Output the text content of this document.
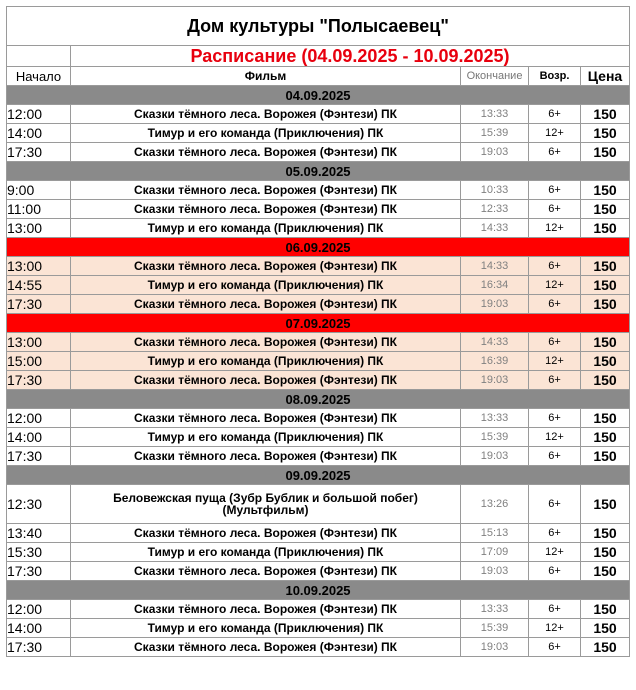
Дом культуры "Полысаевец"				
	Расписание (04.09.2025 - 10.09.2025)			
Начало	Фильм	Окончание	Возр.	Цена
04.09.2025				
12:00	Сказки тёмного леса. Ворожея (Фэнтези) ПК	13:33	6+	150
14:00	Тимур и его команда (Приключения) ПК	15:39	12+	150
17:30	Сказки тёмного леса. Ворожея (Фэнтези) ПК	19:03	6+	150
05.09.2025				
9:00	Сказки тёмного леса. Ворожея (Фэнтези) ПК	10:33	6+	150
11:00	Сказки тёмного леса. Ворожея (Фэнтези) ПК	12:33	6+	150
13:00	Тимур и его команда (Приключения) ПК	14:33	12+	150
06.09.2025				
13:00	Сказки тёмного леса. Ворожея (Фэнтези) ПК	14:33	6+	150
14:55	Тимур и его команда (Приключения) ПК	16:34	12+	150
17:30	Сказки тёмного леса. Ворожея (Фэнтези) ПК	19:03	6+	150
07.09.2025				
13:00	Сказки тёмного леса. Ворожея (Фэнтези) ПК	14:33	6+	150
15:00	Тимур и его команда (Приключения) ПК	16:39	12+	150
17:30	Сказки тёмного леса. Ворожея (Фэнтези) ПК	19:03	6+	150
08.09.2025				
12:00	Сказки тёмного леса. Ворожея (Фэнтези) ПК	13:33	6+	150
14:00	Тимур и его команда (Приключения) ПК	15:39	12+	150
17:30	Сказки тёмного леса. Ворожея (Фэнтези) ПК	19:03	6+	150
09.09.2025				
12:30	Беловежская пуща (Зубр Бублик и большой побег)
(Мультфильм)	13:26	6+	150
13:40	Сказки тёмного леса. Ворожея (Фэнтези) ПК	15:13	6+	150
15:30	Тимур и его команда (Приключения) ПК	17:09	12+	150
17:30	Сказки тёмного леса. Ворожея (Фэнтези) ПК	19:03	6+	150
10.09.2025				
12:00	Сказки тёмного леса. Ворожея (Фэнтези) ПК	13:33	6+	150
14:00	Тимур и его команда (Приключения) ПК	15:39	12+	150
17:30	Сказки тёмного леса. Ворожея (Фэнтези) ПК	19:03	6+	150
